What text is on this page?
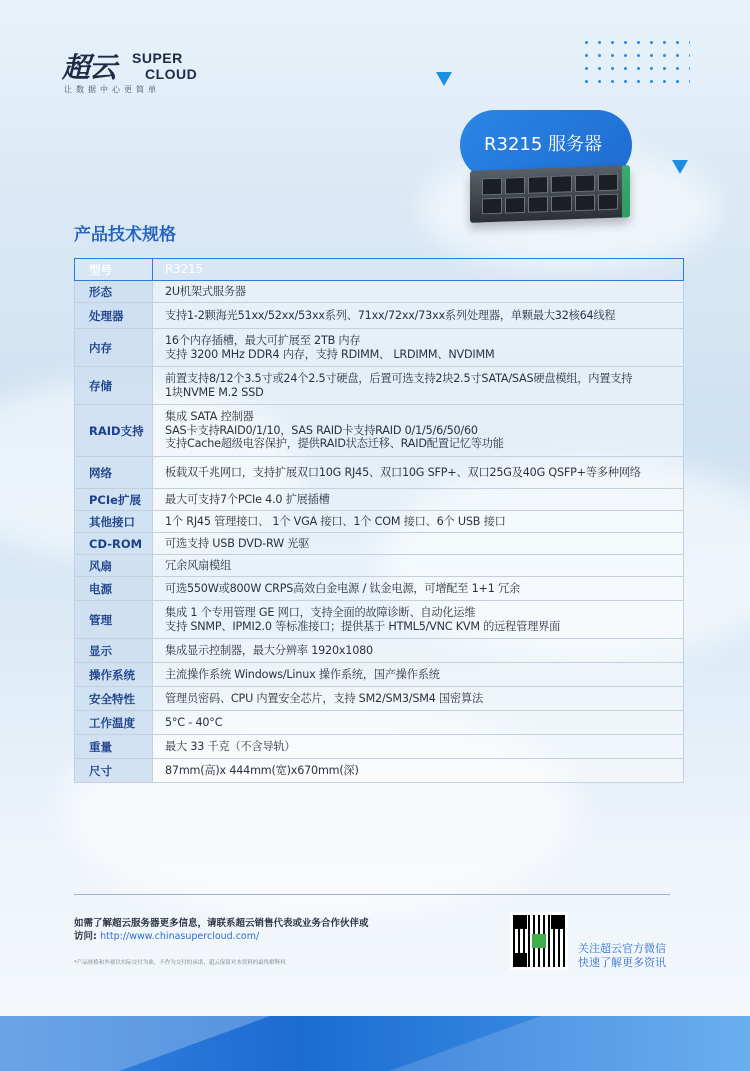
超云 SUPER
CLOUD
让数据中心更简单
R3215 服务器
产品技术规格
型号	R3215

形态	2U机架式服务器

处理器	支持1-2颗海光51xx/52xx/53xx系列、71xx/72xx/73xx系列处理器，单颗最大32核64线程

内存	16个内存插槽，最大可扩展至 2TB 内存
支持 3200 MHz DDR4 内存，支持 RDIMM、 LRDIMM、NVDIMM

存储	前置支持8/12个3.5寸或24个2.5寸硬盘，后置可选支持2块2.5寸SATA/SAS硬盘模组，内置支持
1块NVME M.2 SSD

RAID支持	集成 SATA 控制器
SAS卡支持RAID0/1/10，SAS RAID卡支持RAID 0/1/5/6/50/60
支持Cache超级电容保护，提供RAID状态迁移、RAID配置记忆等功能

网络	板载双千兆网口，支持扩展双口10G RJ45、双口10G SFP+、双口25G及40G QSFP+等多种网络

PCIe扩展	最大可支持7个PCIe 4.0 扩展插槽

其他接口	1个 RJ45 管理接口、 1个 VGA 接口、1个 COM 接口、6个 USB 接口

CD-ROM	可选支持 USB DVD-RW 光驱

风扇	冗余风扇模组

电源	可选550W或800W CRPS高效白金电源 / 钛金电源，可增配至 1+1 冗余

管理	集成 1 个专用管理 GE 网口，支持全面的故障诊断、自动化运维
支持 SNMP、IPMI2.0 等标准接口；提供基于 HTML5/VNC KVM 的远程管理界面

显示	集成显示控制器，最大分辨率 1920x1080

操作系统	主流操作系统 Windows/Linux 操作系统，国产操作系统

安全特性	管理员密码、CPU 内置安全芯片，支持 SM2/SM3/SM4 国密算法

工作温度	5°C - 40°C

重量	最大 33 千克（不含导轨）

尺寸	87mm(高)x 444mm(宽)x670mm(深)
如需了解超云服务器更多信息，请联系超云销售代表或业务合作伙伴或
访问: http://www.chinasupercloud.com/
*产品规格和外观以实际交付为准，不作为交付的承诺，超云保留对本资料的最终解释权
关注超云官方微信
快速了解更多资讯
